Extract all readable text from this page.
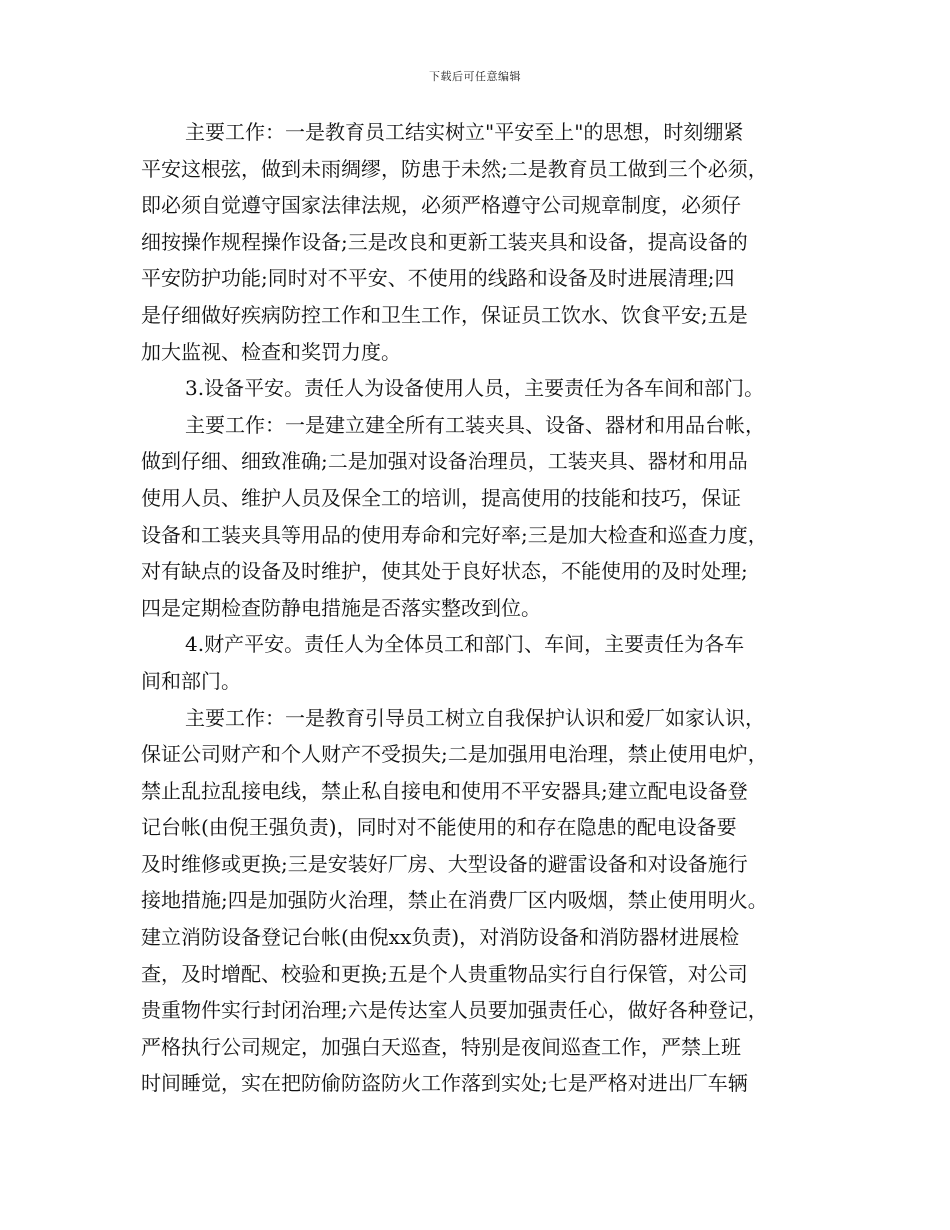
下载后可任意编辑
主要工作：一是教育员工结实树立"平安至上"的思想，时刻绷紧
平安这根弦，做到未雨绸缪，防患于未然;二是教育员工做到三个必须，
即必须自觉遵守国家法律法规，必须严格遵守公司规章制度，必须仔
细按操作规程操作设备;三是改良和更新工装夹具和设备，提高设备的
平安防护功能;同时对不平安、不使用的线路和设备及时进展清理;四
是仔细做好疾病防控工作和卫生工作，保证员工饮水、饮食平安;五是
加大监视、检查和奖罚力度。
3.设备平安。责任人为设备使用人员，主要责任为各车间和部门。
主要工作：一是建立建全所有工装夹具、设备、器材和用品台帐，
做到仔细、细致准确;二是加强对设备治理员，工装夹具、器材和用品
使用人员、维护人员及保全工的培训，提高使用的技能和技巧，保证
设备和工装夹具等用品的使用寿命和完好率;三是加大检查和巡查力度，
对有缺点的设备及时维护，使其处于良好状态，不能使用的及时处理;
四是定期检查防静电措施是否落实整改到位。
4.财产平安。责任人为全体员工和部门、车间，主要责任为各车
间和部门。
主要工作：一是教育引导员工树立自我保护认识和爱厂如家认识，
保证公司财产和个人财产不受损失;二是加强用电治理，禁止使用电炉，
禁止乱拉乱接电线，禁止私自接电和使用不平安器具;建立配电设备登
记台帐(由倪王强负责)，同时对不能使用的和存在隐患的配电设备要
及时维修或更换;三是安装好厂房、大型设备的避雷设备和对设备施行
接地措施;四是加强防火治理，禁止在消费厂区内吸烟，禁止使用明火。
建立消防设备登记台帐(由倪xx负责)，对消防设备和消防器材进展检
查，及时增配、校验和更换;五是个人贵重物品实行自行保管，对公司
贵重物件实行封闭治理;六是传达室人员要加强责任心，做好各种登记，
严格执行公司规定，加强白天巡查，特别是夜间巡查工作，严禁上班
时间睡觉，实在把防偷防盗防火工作落到实处;七是严格对进出厂车辆
